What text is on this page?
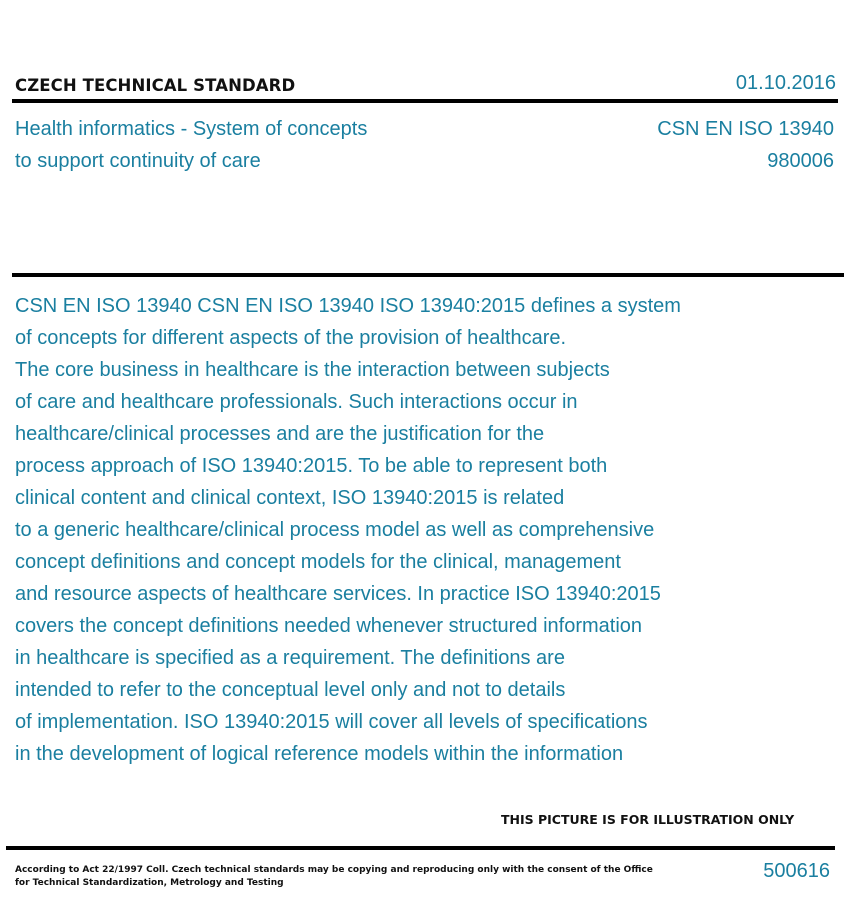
CZECH TECHNICAL STANDARD	01.10.2016
Health informatics - System of concepts
to support continuity of care
CSN EN ISO 13940
980006
CSN EN ISO 13940 CSN EN ISO 13940 ISO 13940:2015 defines a system
of concepts for different aspects of the provision of healthcare.
The core business in healthcare is the interaction between subjects
of care and healthcare professionals. Such interactions occur in
healthcare/clinical processes and are the justification for the
process approach of ISO 13940:2015. To be able to represent both
clinical content and clinical context, ISO 13940:2015 is related
to a generic healthcare/clinical process model as well as comprehensive
concept definitions and concept models for the clinical, management
and resource aspects of healthcare services. In practice ISO 13940:2015
covers the concept definitions needed whenever structured information
in healthcare is specified as a requirement. The definitions are
intended to refer to the conceptual level only and not to details
of implementation. ISO 13940:2015 will cover all levels of specifications
in the development of logical reference models within the information
THIS PICTURE IS FOR ILLUSTRATION ONLY
According to Act 22/1997 Coll. Czech technical standards may be copying and reproducing only with the consent of the Office
for Technical Standardization, Metrology and Testing
500616
